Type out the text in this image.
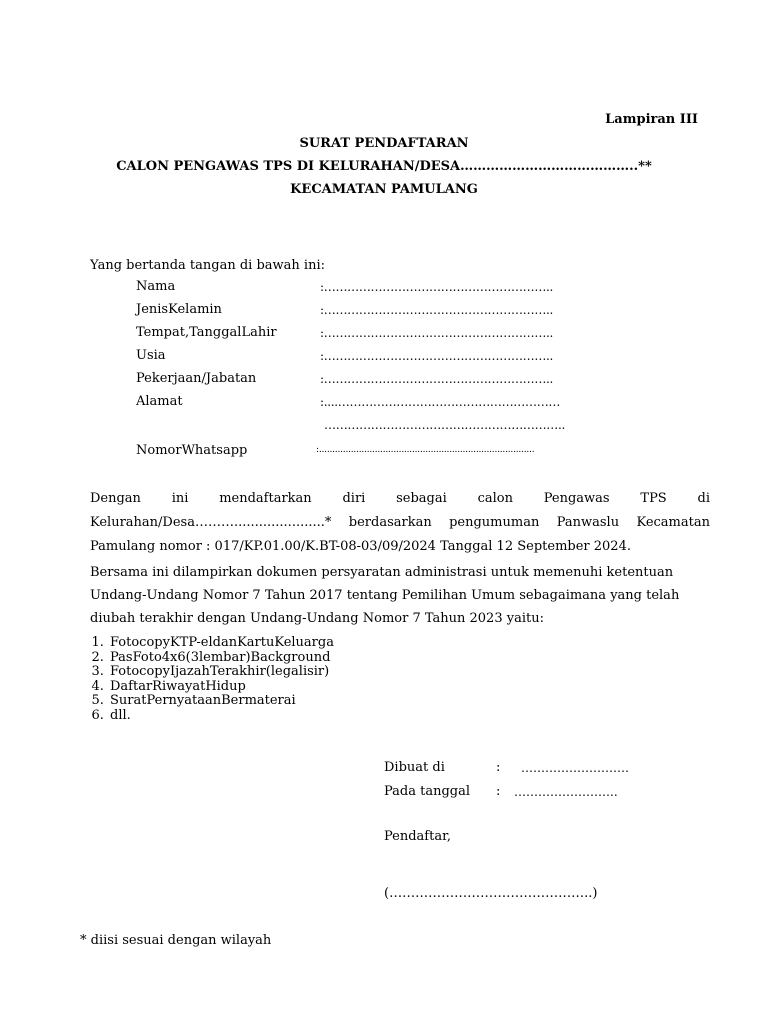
Lampiran III
SURAT PENDAFTARAN
CALON PENGAWAS TPS DI KELURAHAN/DESA…………………………………..**
KECAMATAN PAMULANG
Yang bertanda tangan di bawah ini:
Nama	:…………………………………………………..
JenisKelamin	:…………………………………………………..
Tempat,TanggalLahir	:…………………………………………………..
Usia	:…………………………………………………..
Pekerjaan/Jabatan	:…………………………………………………..
Alamat	:....…………………………………………………
……………………………………………………..
NomorWhatsapp	:.................................................................................
Dengan ini mendaftarkan diri sebagai calon Pengawas TPS di Kelurahan/Desa………......................* berdasarkan pengumuman Panwaslu Kecamatan Pamulang nomor : 017/KP.01.00/K.BT-08-03/09/2024 Tanggal 12 September 2024.
Bersama ini dilampirkan dokumen persyaratan administrasi untuk memenuhi ketentuan Undang-Undang Nomor 7 Tahun 2017 tentang Pemilihan Umum sebagaimana yang telah diubah terakhir dengan Undang-Undang Nomor 7 Tahun 2023 yaitu:
1. FotocopyKTP-eldanKartuKeluarga
2. PasFoto4x6(3lembar)Background
3. FotocopyIjazahTerakhir(legalisir)
4. DaftarRiwayatHidup
5. SuratPernyataanBermaterai
6. dll.
Dibuat di	: ………………………
Pada tanggal : ……………………..
Pendaftar,
(………………………………………..)
* diisi sesuai dengan wilayah
